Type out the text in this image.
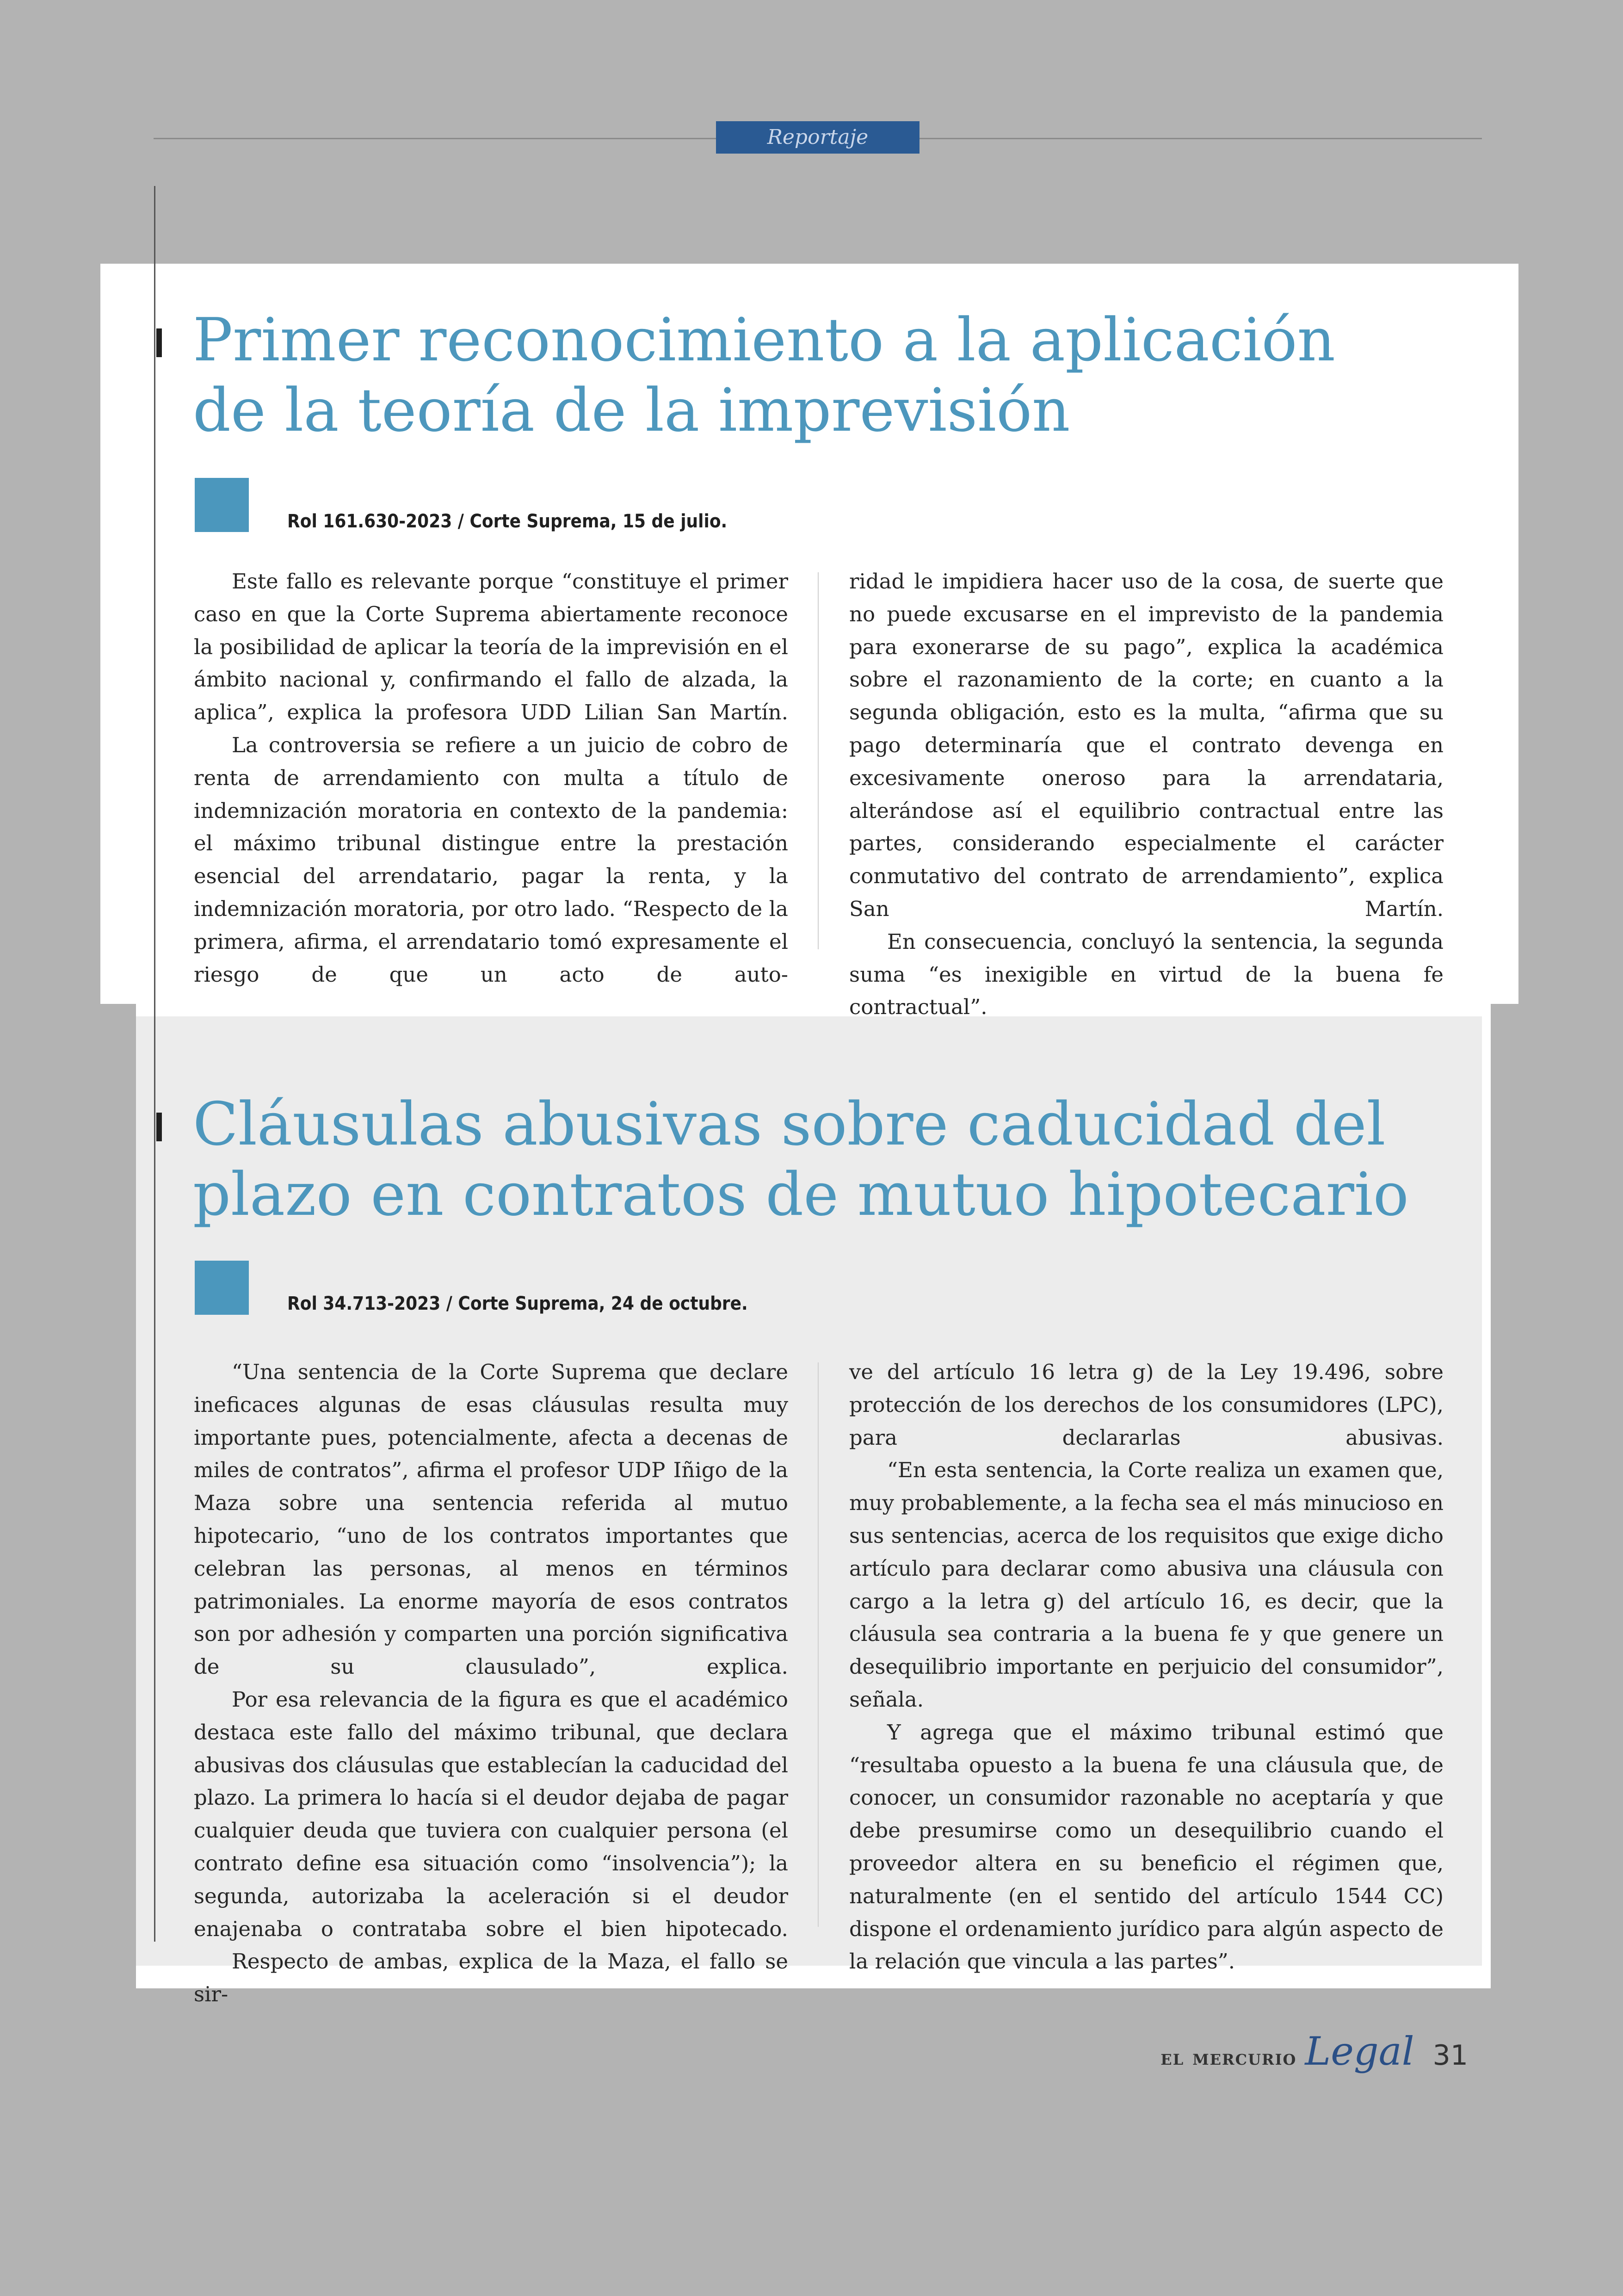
Reportaje
Primer reconocimiento a la aplicación
de la teoría de la imprevisión
Rol 161.630-2023 / Corte Suprema, 15 de julio.

Este fallo es relevante porque “constituye el primer caso en que la Corte Suprema abiertamente reconoce la posibilidad de aplicar la teoría de la imprevisión en el ámbito nacional y, confirmando el fallo de alzada, la aplica”, explica la profesora UDD Lilian San Martín.

La controversia se refiere a un juicio de cobro de renta de arrendamiento con multa a título de indemnización moratoria en contexto de la pandemia: el máximo tribunal distingue entre la prestación esencial del arrendatario, pagar la renta, y la indemnización moratoria, por otro lado. “Respecto de la primera, afirma, el arrendatario tomó expresamente el riesgo de que un acto de auto-

ridad le impidiera hacer uso de la cosa, de suerte que no puede excusarse en el imprevisto de la pandemia para exonerarse de su pago”, explica la académica sobre el razonamiento de la corte; en cuanto a la segunda obligación, esto es la multa, “afirma que su pago determinaría que el contrato devenga en excesivamente oneroso para la arrendataria, alterándose así el equilibrio contractual entre las partes, considerando especialmente el carácter conmutativo del contrato de arrendamiento”, explica San Martín.

En consecuencia, concluyó la sentencia, la segunda suma “es inexigible en virtud de la buena fe contractual”.

Cláusulas abusivas sobre caducidad del
plazo en contratos de mutuo hipotecario
Rol 34.713-2023 / Corte Suprema, 24 de octubre.

“Una sentencia de la Corte Suprema que declare ineficaces algunas de esas cláusulas resulta muy importante pues, potencialmente, afecta a decenas de miles de contratos”, afirma el profesor UDP Iñigo de la Maza sobre una sentencia referida al mutuo hipotecario, “uno de los contratos importantes que celebran las personas, al menos en términos patrimoniales. La enorme mayoría de esos contratos son por adhesión y comparten una porción significativa de su clausulado”, explica.

Por esa relevancia de la figura es que el académico destaca este fallo del máximo tribunal, que declara abusivas dos cláusulas que establecían la caducidad del plazo. La primera lo hacía si el deudor dejaba de pagar cualquier deuda que tuviera con cualquier persona (el contrato define esa situación como “insolvencia”); la segunda, autorizaba la aceleración si el deudor enajenaba o contrataba sobre el bien hipotecado.

Respecto de ambas, explica de la Maza, el fallo se sir-

ve del artículo 16 letra g) de la Ley 19.496, sobre protección de los derechos de los consumidores (LPC), para declararlas abusivas.

“En esta sentencia, la Corte realiza un examen que, muy probablemente, a la fecha sea el más minucioso en sus sentencias, acerca de los requisitos que exige dicho artículo para declarar como abusiva una cláusula con cargo a la letra g) del artículo 16, es decir, que la cláusula sea contraria a la buena fe y que genere un desequilibrio importante en perjuicio del consumidor”, señala.

Y agrega que el máximo tribunal estimó que “resultaba opuesto a la buena fe una cláusula que, de conocer, un consumidor razonable no aceptaría y que debe presumirse como un desequilibrio cuando el proveedor altera en su beneficio el régimen que, naturalmente (en el sentido del artículo 1544 CC) dispone el ordenamiento jurídico para algún aspecto de la relación que vincula a las partes”.

el mercurio Legal 31
